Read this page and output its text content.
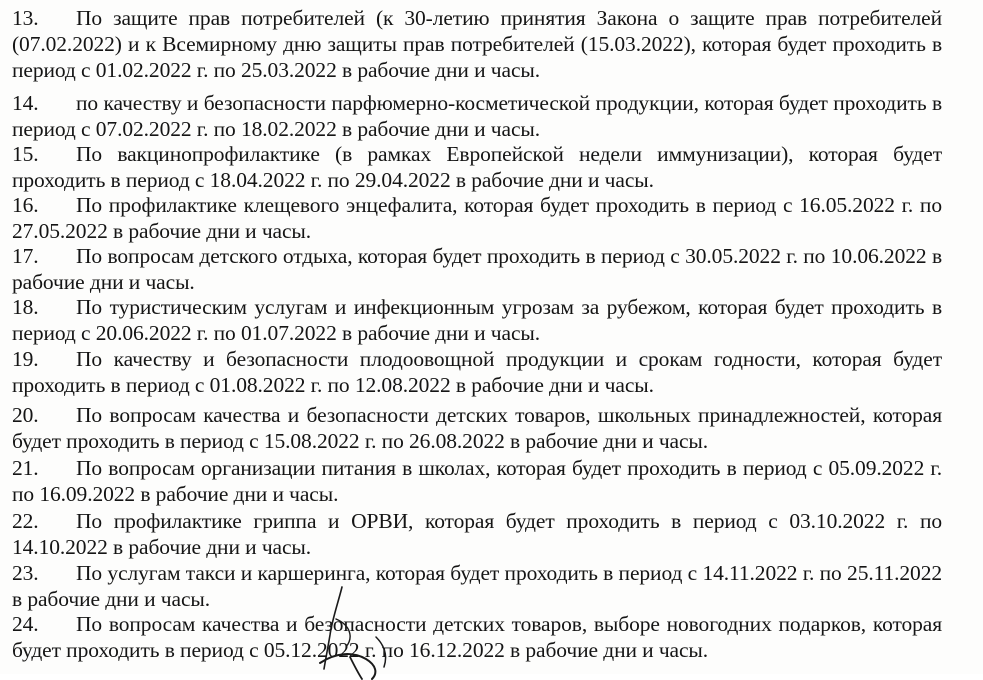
13. По защите прав потребителей (к 30-летию принятия Закона о защите прав потребителей (07.02.2022) и к Всемирному дню защиты прав потребителей (15.03.2022), которая будет проходить в период с 01.02.2022 г. по 25.03.2022 в рабочие дни и часы.
14. по качеству и безопасности парфюмерно-косметической продукции, которая будет проходить в период с 07.02.2022 г. по 18.02.2022 в рабочие дни и часы.
15. По вакцинопрофилактике (в рамках Европейской недели иммунизации), которая будет проходить в период с 18.04.2022 г. по 29.04.2022 в рабочие дни и часы.
16. По профилактике клещевого энцефалита, которая будет проходить в период с 16.05.2022 г. по 27.05.2022 в рабочие дни и часы.
17. По вопросам детского отдыха, которая будет проходить в период с 30.05.2022 г. по 10.06.2022 в рабочие дни и часы.
18. По туристическим услугам и инфекционным угрозам за рубежом, которая будет проходить в период с 20.06.2022 г. по 01.07.2022 в рабочие дни и часы.
19. По качеству и безопасности плодоовощной продукции и срокам годности, которая будет проходить в период с 01.08.2022 г. по 12.08.2022 в рабочие дни и часы.
20. По вопросам качества и безопасности детских товаров, школьных принадлежностей, которая будет проходить в период с 15.08.2022 г. по 26.08.2022 в рабочие дни и часы.
21. По вопросам организации питания в школах, которая будет проходить в период с 05.09.2022 г. по 16.09.2022 в рабочие дни и часы.
22. По профилактике гриппа и ОРВИ, которая будет проходить в период с 03.10.2022 г. по 14.10.2022 в рабочие дни и часы.
23. По услугам такси и каршеринга, которая будет проходить в период с 14.11.2022 г. по 25.11.2022 в рабочие дни и часы.
24. По вопросам качества и безопасности детских товаров, выборе новогодних подарков, которая будет проходить в период с 05.12.2022 г. по 16.12.2022 в рабочие дни и часы.
